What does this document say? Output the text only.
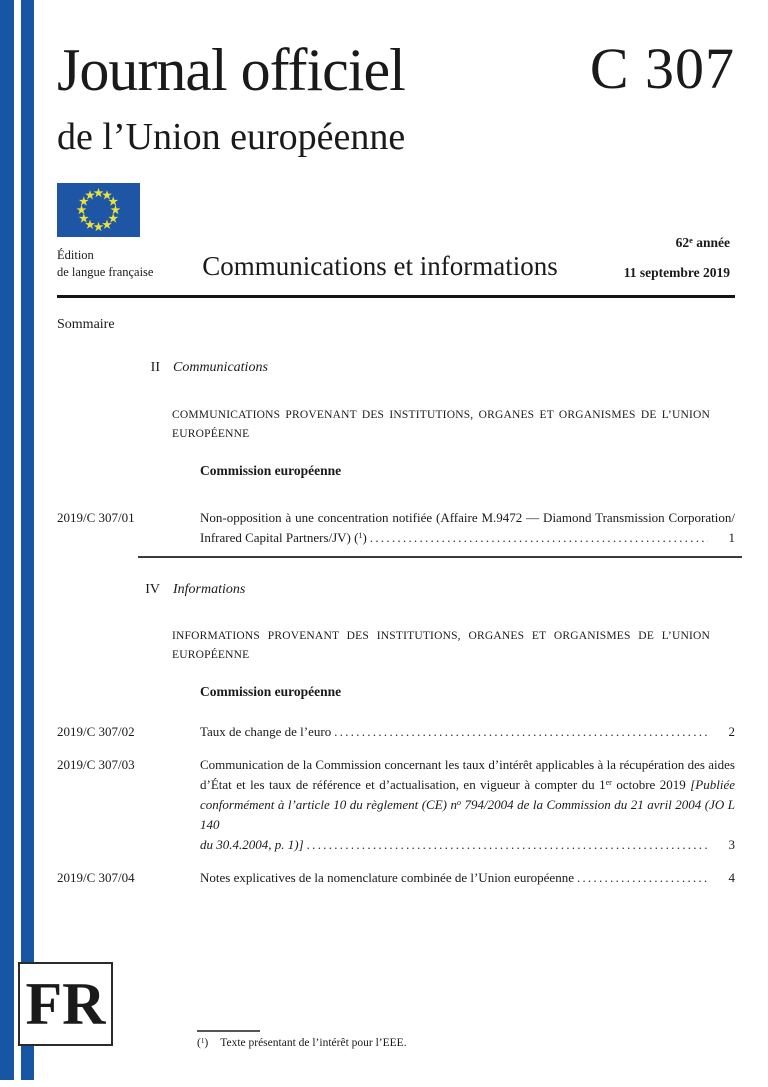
Journal officiel	C 307
de l’Union européenne
Édition
de langue française	Communications et informations
62e année
11 septembre 2019
Sommaire
II Communications
COMMUNICATIONS PROVENANT DES INSTITUTIONS, ORGANES ET ORGANISMES DE L’UNION
EUROPÉENNE
Commission européenne
2019/C 307/01	Non-opposition à une concentration notifiée (Affaire M.9472 — Diamond Transmission Corporation/
Infrared Capital Partners/JV) ($^1$) .....	1
IV Informations
INFORMATIONS PROVENANT DES INSTITUTIONS, ORGANES ET ORGANISMES DE L’UNION
EUROPÉENNE
Commission européenne
2019/C 307/02	Taux de change de l’euro .....	2
2019/C 307/03	Communication de la Commission concernant les taux d’intérêt applicables à la récupération des aides
d’État et les taux de référence et d’actualisation, en vigueur à compter du 1er octobre 2019 [Publiée
conformément à l’article 10 du règlement (CE) $n^o$ 794/2004 de la Commission du 21 avril 2004 (JO L 140
du 30.4.2004, p. 1)] .....	3
2019/C 307/04	Notes explicatives de la nomenclature combinée de l’Union européenne .....	4
FR
($^1$) Texte présentant de l’intérêt pour l’EEE.
